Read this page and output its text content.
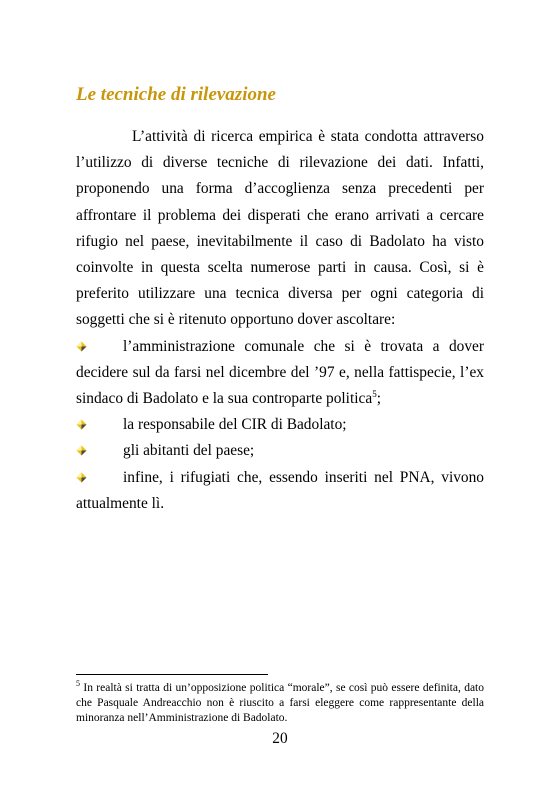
Le tecniche di rilevazione

L’attività di ricerca empirica è stata condotta attraverso l’utilizzo di diverse tecniche di rilevazione dei dati. Infatti, proponendo una forma d’accoglienza senza precedenti per affrontare il problema dei disperati che erano arrivati a cercare rifugio nel paese, inevitabilmente il caso di Badolato ha visto coinvolte in questa scelta numerose parti in causa. Così, si è preferito utilizzare una tecnica diversa per ogni categoria di soggetti che si è ritenuto opportuno dover ascoltare:

l’amministrazione comunale che si è trovata a dover decidere sul da farsi nel dicembre del ’97 e, nella fattispecie, l’ex sindaco di Badolato e la sua controparte politica$^5$;

la responsabile del CIR di Badolato;

gli abitanti del paese;

infine, i rifugiati che, essendo inseriti nel PNA, vivono attualmente lì.

$^5$ In realtà si tratta di un’opposizione politica “morale”, se così può essere definita, dato che Pasquale Andreacchio non è riuscito a farsi eleggere come rappresentante della minoranza nell’Amministrazione di Badolato.

20
